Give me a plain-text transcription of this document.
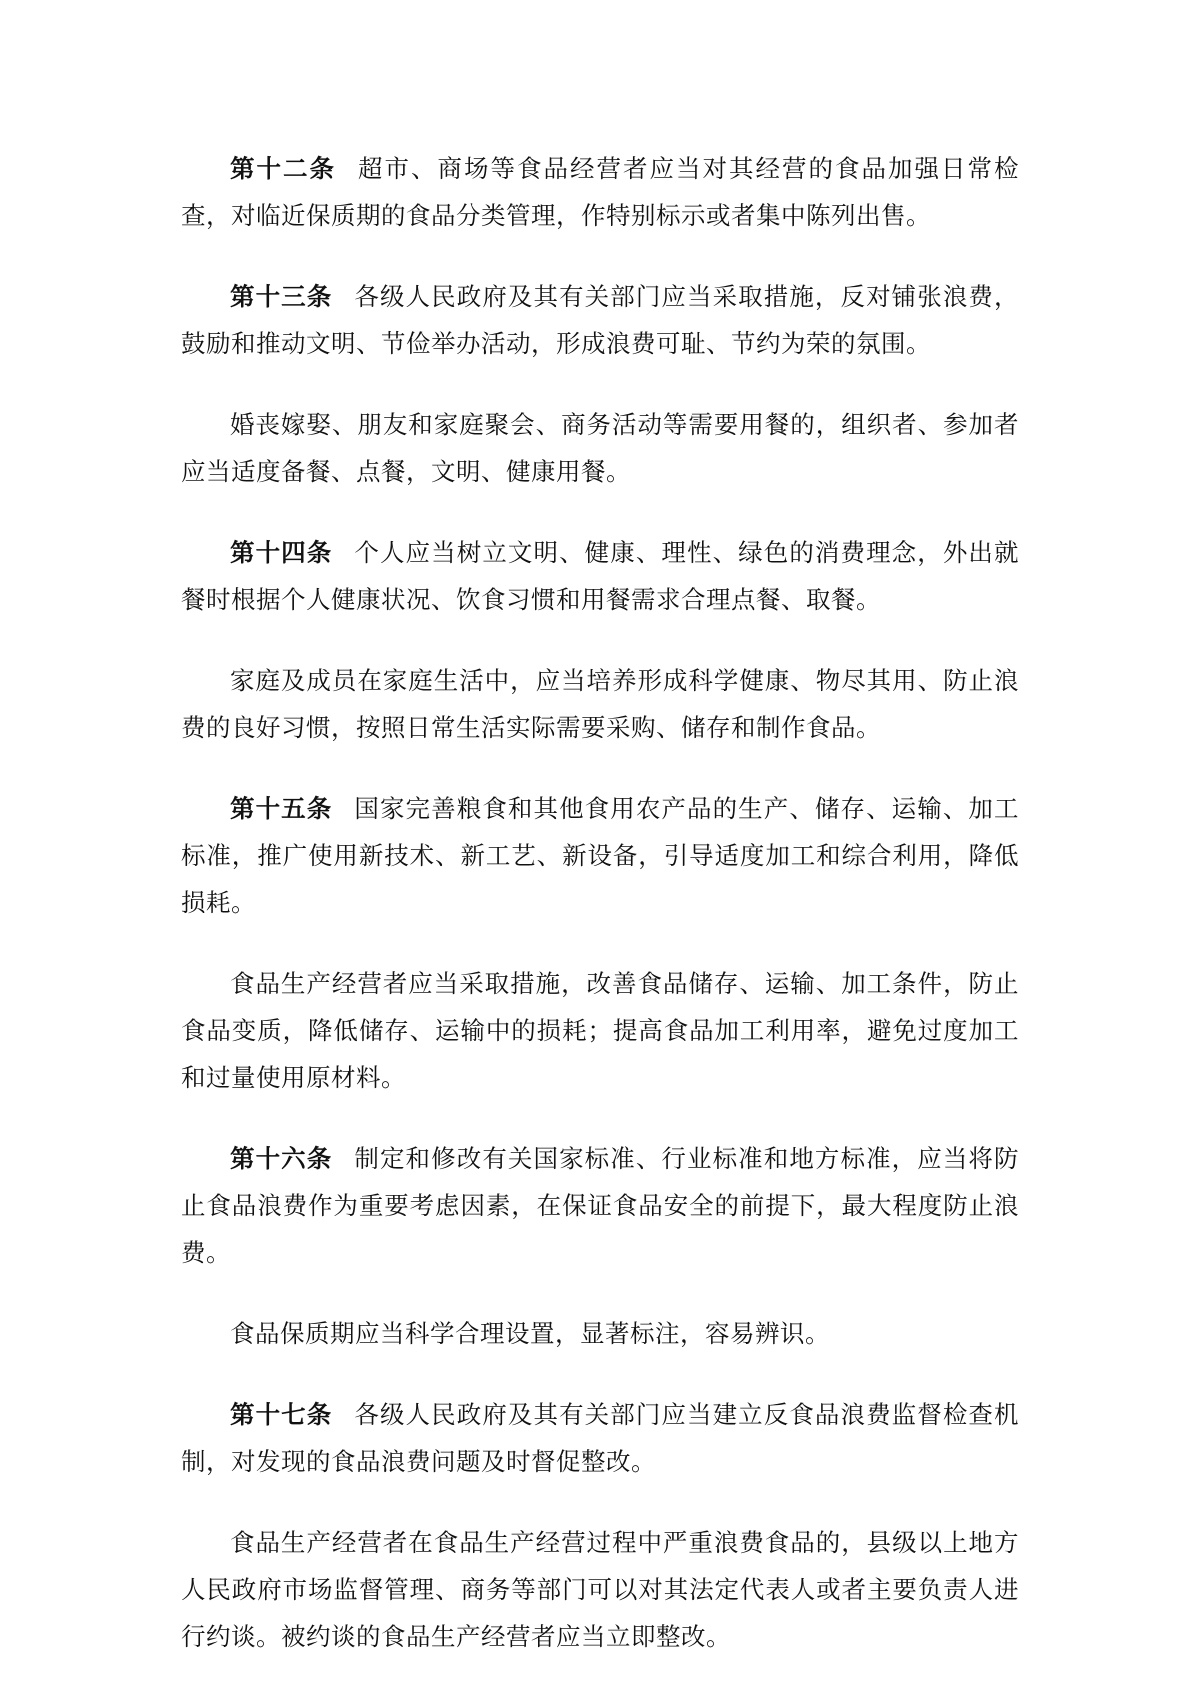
第十二条 超市、商场等食品经营者应当对其经营的食品加强日常检查，对临近保质期的食品分类管理，作特别标示或者集中陈列出售。

第十三条 各级人民政府及其有关部门应当采取措施，反对铺张浪费，鼓励和推动文明、节俭举办活动，形成浪费可耻、节约为荣的氛围。

婚丧嫁娶、朋友和家庭聚会、商务活动等需要用餐的，组织者、参加者应当适度备餐、点餐，文明、健康用餐。

第十四条 个人应当树立文明、健康、理性、绿色的消费理念，外出就餐时根据个人健康状况、饮食习惯和用餐需求合理点餐、取餐。

家庭及成员在家庭生活中，应当培养形成科学健康、物尽其用、防止浪费的良好习惯，按照日常生活实际需要采购、储存和制作食品。

第十五条 国家完善粮食和其他食用农产品的生产、储存、运输、加工标准，推广使用新技术、新工艺、新设备，引导适度加工和综合利用，降低损耗。

食品生产经营者应当采取措施，改善食品储存、运输、加工条件，防止食品变质，降低储存、运输中的损耗；提高食品加工利用率，避免过度加工和过量使用原材料。

第十六条 制定和修改有关国家标准、行业标准和地方标准，应当将防止食品浪费作为重要考虑因素，在保证食品安全的前提下，最大程度防止浪费。

食品保质期应当科学合理设置，显著标注，容易辨识。

第十七条 各级人民政府及其有关部门应当建立反食品浪费监督检查机制，对发现的食品浪费问题及时督促整改。

食品生产经营者在食品生产经营过程中严重浪费食品的，县级以上地方人民政府市场监督管理、商务等部门可以对其法定代表人或者主要负责人进行约谈。被约谈的食品生产经营者应当立即整改。
